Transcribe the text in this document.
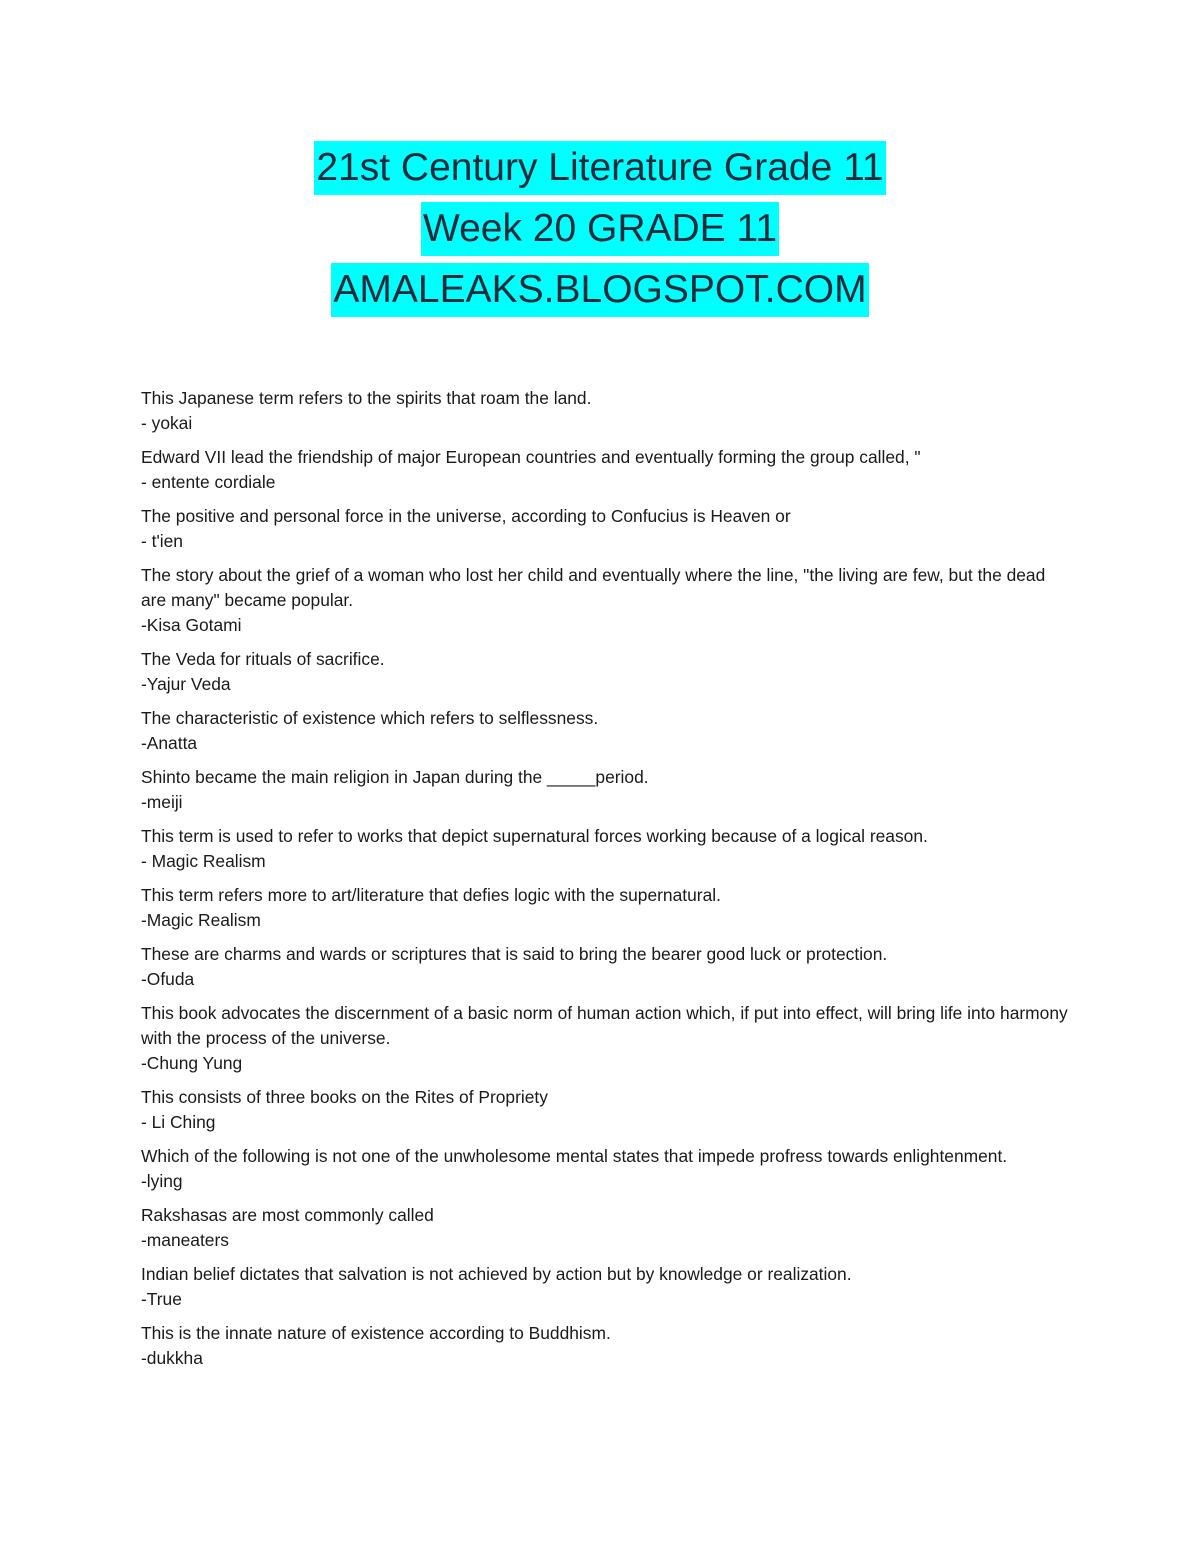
21st Century Literature Grade 11
Week 20 GRADE 11
AMALEAKS.BLOGSPOT.COM
This Japanese term refers to the spirits that roam the land.
- yokai
Edward VII lead the friendship of major European countries and eventually forming the group called, "
- entente cordiale
The positive and personal force in the universe, according to Confucius is Heaven or
- t'ien
The story about the grief of a woman who lost her child and eventually where the line, "the living are few, but the dead are many" became popular.
-Kisa Gotami
The Veda for rituals of sacrifice.
-Yajur Veda
The characteristic of existence which refers to selflessness.
-Anatta
Shinto became the main religion in Japan during the _____period.
-meiji
This term is used to refer to works that depict supernatural forces working because of a logical reason.
- Magic Realism
This term refers more to art/literature that defies logic with the supernatural.
-Magic Realism
These are charms and wards or scriptures that is said to bring the bearer good luck or protection.
-Ofuda
This book advocates the discernment of a basic norm of human action which, if put into effect, will bring life into harmony with the process of the universe.
-Chung Yung
This consists of three books on the Rites of Propriety
- Li Ching
Which of the following is not one of the unwholesome mental states that impede profress towards enlightenment.
-lying
Rakshasas are most commonly called
-maneaters
Indian belief dictates that salvation is not achieved by action but by knowledge or realization.
-True
This is the innate nature of existence according to Buddhism.
-dukkha
